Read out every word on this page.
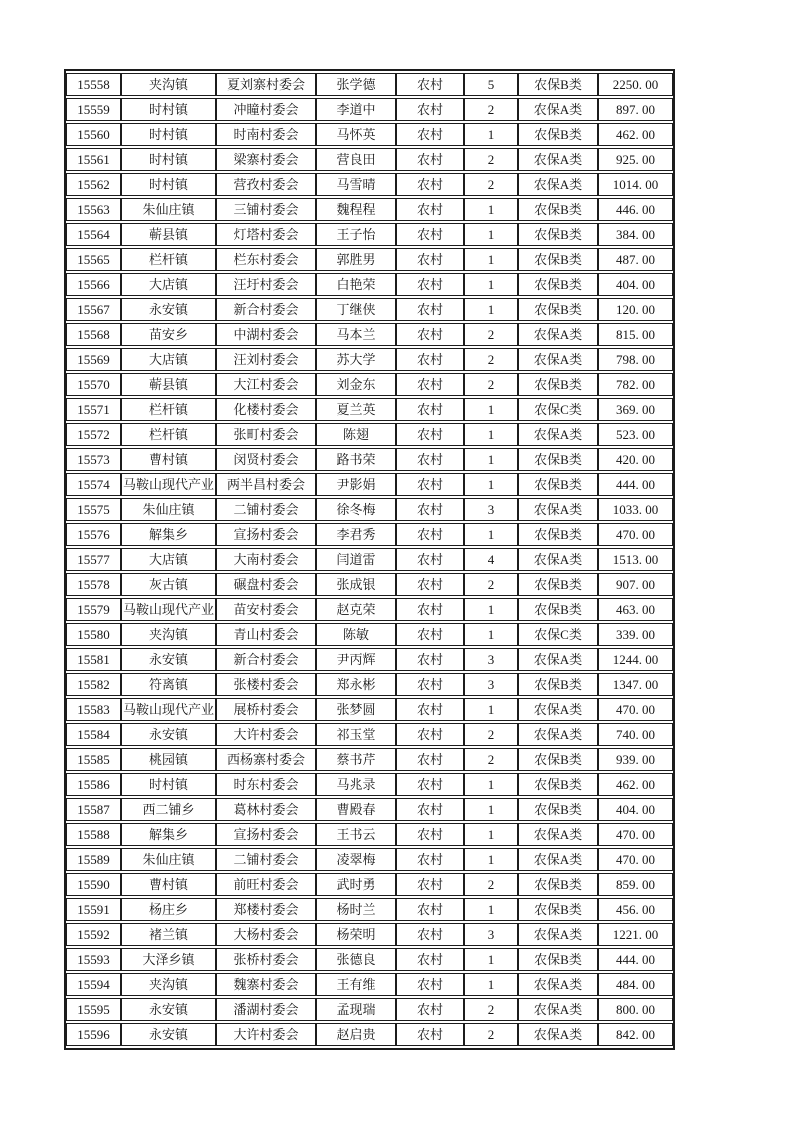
15558	夹沟镇	夏刘寨村委会	张学德	农村	5	农保B类	2250. 00
15559	时村镇	冲瞳村委会	李道中	农村	2	农保A类	897. 00
15560	时村镇	时南村委会	马怀英	农村	1	农保B类	462. 00
15561	时村镇	梁寨村委会	营良田	农村	2	农保A类	925. 00
15562	时村镇	营孜村委会	马雪晴	农村	2	农保A类	1014. 00
15563	朱仙庄镇	三铺村委会	魏程程	农村	1	农保B类	446. 00
15564	蕲县镇	灯塔村委会	王子怡	农村	1	农保B类	384. 00
15565	栏杆镇	栏东村委会	郭胜男	农村	1	农保B类	487. 00
15566	大店镇	汪圩村委会	白艳荣	农村	1	农保B类	404. 00
15567	永安镇	新合村委会	丁继侠	农村	1	农保B类	120. 00
15568	苗安乡	中湖村委会	马本兰	农村	2	农保A类	815. 00
15569	大店镇	汪刘村委会	苏大学	农村	2	农保A类	798. 00
15570	蕲县镇	大江村委会	刘金东	农村	2	农保B类	782. 00
15571	栏杆镇	化楼村委会	夏兰英	农村	1	农保C类	369. 00
15572	栏杆镇	张町村委会	陈翅	农村	1	农保A类	523. 00
15573	曹村镇	闵贤村委会	路书荣	农村	1	农保B类	420. 00
15574	马鞍山现代产业	两半昌村委会	尹影娟	农村	1	农保B类	444. 00
15575	朱仙庄镇	二铺村委会	徐冬梅	农村	3	农保A类	1033. 00
15576	解集乡	宣扬村委会	李君秀	农村	1	农保B类	470. 00
15577	大店镇	大南村委会	闫道雷	农村	4	农保A类	1513. 00
15578	灰古镇	碾盘村委会	张成银	农村	2	农保B类	907. 00
15579	马鞍山现代产业	苗安村委会	赵克荣	农村	1	农保B类	463. 00
15580	夹沟镇	青山村委会	陈敏	农村	1	农保C类	339. 00
15581	永安镇	新合村委会	尹丙辉	农村	3	农保A类	1244. 00
15582	符离镇	张楼村委会	郑永彬	农村	3	农保B类	1347. 00
15583	马鞍山现代产业	展桥村委会	张梦圆	农村	1	农保A类	470. 00
15584	永安镇	大许村委会	祁玉堂	农村	2	农保A类	740. 00
15585	桃园镇	西杨寨村委会	蔡书芹	农村	2	农保B类	939. 00
15586	时村镇	时东村委会	马兆录	农村	1	农保B类	462. 00
15587	西二铺乡	葛林村委会	曹殿春	农村	1	农保B类	404. 00
15588	解集乡	宣扬村委会	王书云	农村	1	农保A类	470. 00
15589	朱仙庄镇	二铺村委会	凌翠梅	农村	1	农保A类	470. 00
15590	曹村镇	前旺村委会	武时勇	农村	2	农保B类	859. 00
15591	杨庄乡	郑楼村委会	杨时兰	农村	1	农保B类	456. 00
15592	褚兰镇	大杨村委会	杨荣明	农村	3	农保A类	1221. 00
15593	大泽乡镇	张桥村委会	张德良	农村	1	农保B类	444. 00
15594	夹沟镇	魏寨村委会	王有维	农村	1	农保A类	484. 00
15595	永安镇	潘湖村委会	孟现瑞	农村	2	农保A类	800. 00
15596	永安镇	大许村委会	赵启贵	农村	2	农保A类	842. 00
